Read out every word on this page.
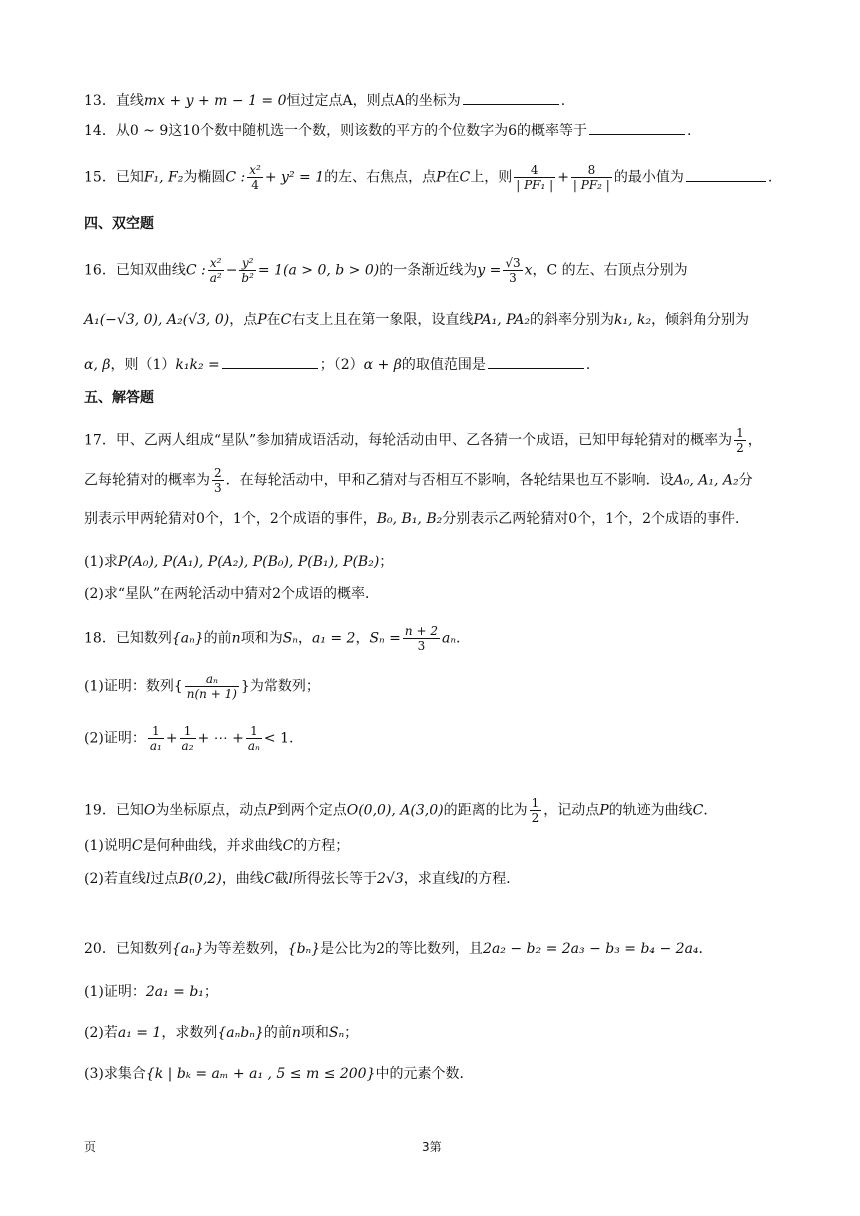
13．直线mx + y + m − 1 = 0恒过定点A，则点A的坐标为	.
14．从0 ~ 9这10个数中随机选一个数，则该数的平方的个位数字为6的概率等于	.
15．已知F₁, F₂为椭圆C : $\frac{\text{x²}}{4} + y^2 = 1$的左、右焦点，点P在C上，则 $\frac{4}{\text{| PF₁ |}} + \frac{8}{\text{| PF₂ |}}$ 的最小值为	.
四、双空题
16．已知双曲线C : $\frac{\text{x²}}{\text{a²}} - \frac{\text{y²}}{\text{b²}} = 1(a > 0$, b > 0)的一条渐近线为$y = \frac{√3}{3}$ x，C 的左、右顶点分别为
A₁(−√3, 0), A₂(√3, 0)，点P在C右支上且在第一象限，设直线PA₁, PA₂的斜率分别为k₁, k₂，倾斜角分别为
α, β，则（1）k₁k₂ =	；（2）α + β的取值范围是	.
五、解答题
17．甲、乙两人组成“星队”参加猜成语活动，每轮活动由甲、乙各猜一个成语，已知甲每轮猜对的概率为 $\frac{1}{2}$ ，
乙每轮猜对的概率为 $\frac{2}{3}$ ．在每轮活动中，甲和乙猜对与否相互不影响，各轮结果也互不影响．设A₀, A₁, A₂分
别表示甲两轮猜对0个，1个，2个成语的事件，B₀, B₁, B₂分别表示乙两轮猜对0个，1个，2个成语的事件．
(1)求P(A₀), P(A₁), P(A₂), P(B₀), P(B₁), P(B₂)；
(2)求“星队”在两轮活动中猜对2个成语的概率．
18．已知数列{aₙ}的前n项和为Sₙ，a₁ = 2，$S_n = \frac{n + 2}{3} a_n$.
(1)证明：数列{ $\frac{\text{aₙ}}{n(n + 1)}$ }为常数列；
(2)证明： $\frac{1}{\text{a₁}} + \frac{1}{\text{a₂}}$ + ⋯ + $\frac{1}{\text{aₙ}} < 1$.
19．已知O为坐标原点，动点P到两个定点O(0,0), A(3,0)的距离的比为 $\frac{1}{2}$ ，记动点P的轨迹为曲线C．
(1)说明C是何种曲线，并求曲线C的方程；
(2)若直线l过点B(0,2)，曲线C截l所得弦长等于2√3，求直线l的方程．
20．已知数列{aₙ}为等差数列，{bₙ}是公比为2的等比数列，且2a₂ − b₂ = 2a₃ − b₃ = b₄ − 2a₄．
(1)证明：2a₁ = b₁；
(2)若a₁ = 1，求数列{aₙbₙ}的前n项和Sₙ；
(3)求集合{k | bₖ = aₘ + a₁ , 5 ≤ m ≤ 200}中的元素个数．
页	3第
